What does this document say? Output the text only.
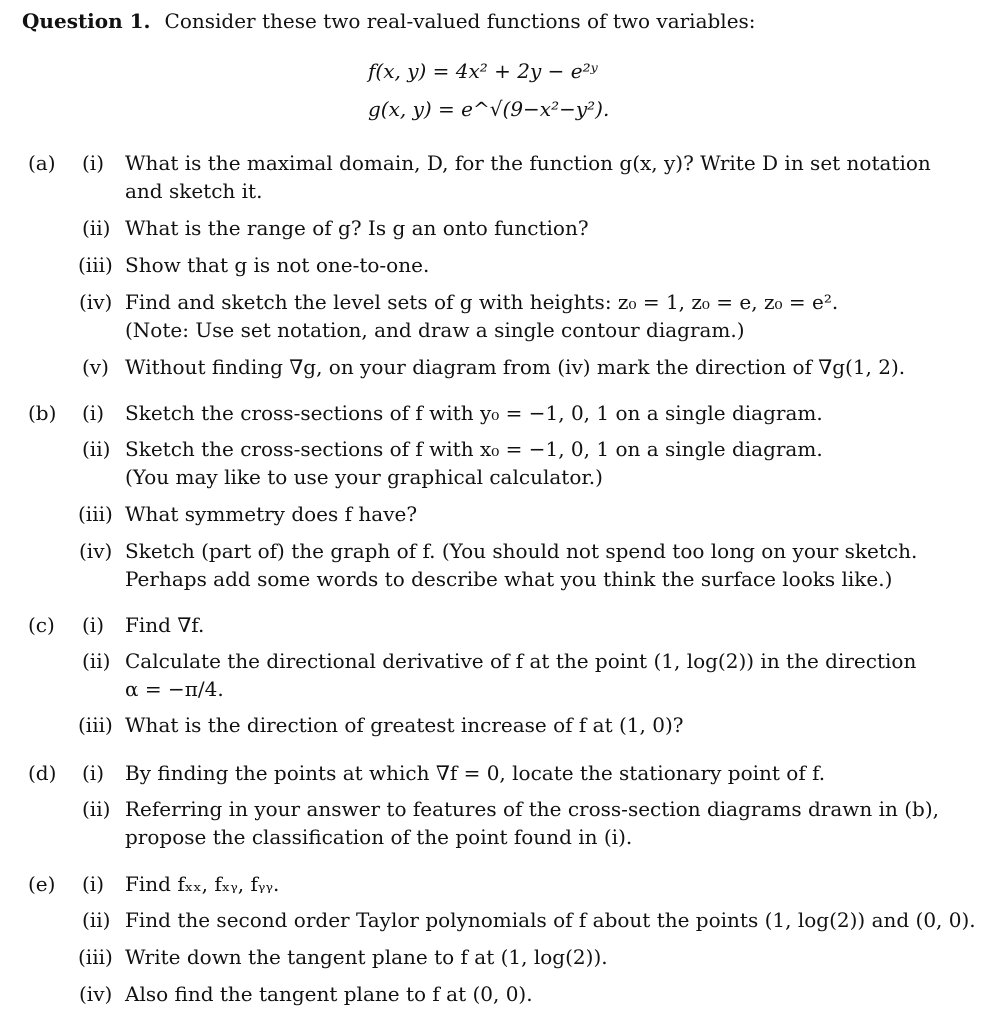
Question 1. Consider these two real-valued functions of two variables:
f(x, y) = 4x² + 2y − e²ʸ
g(x, y) = e^√(9−x²−y²).
(a) (i) What is the maximal domain, D, for the function g(x, y)? Write D in set notation
and sketch it.
(ii) What is the range of g? Is g an onto function?
(iii) Show that g is not one-to-one.
(iv) Find and sketch the level sets of g with heights: z₀ = 1, z₀ = e, z₀ = e².
(Note: Use set notation, and draw a single contour diagram.)
(v) Without finding ∇g, on your diagram from (iv) mark the direction of ∇g(1, 2).
(b) (i) Sketch the cross-sections of f with y₀ = −1, 0, 1 on a single diagram.
(ii) Sketch the cross-sections of f with x₀ = −1, 0, 1 on a single diagram.
(You may like to use your graphical calculator.)
(iii) What symmetry does f have?
(iv) Sketch (part of) the graph of f. (You should not spend too long on your sketch.
Perhaps add some words to describe what you think the surface looks like.)
(c) (i) Find ∇f.
(ii) Calculate the directional derivative of f at the point (1, log(2)) in the direction
α = −π/4.
(iii) What is the direction of greatest increase of f at (1, 0)?
(d) (i) By finding the points at which ∇f = 0, locate the stationary point of f.
(ii) Referring in your answer to features of the cross-section diagrams drawn in (b),
propose the classification of the point found in (i).
(e) (i) Find fₓₓ, fₓᵧ, fᵧᵧ.
(ii) Find the second order Taylor polynomials of f about the points (1, log(2)) and (0, 0).
(iii) Write down the tangent plane to f at (1, log(2)).
(iv) Also find the tangent plane to f at (0, 0).
